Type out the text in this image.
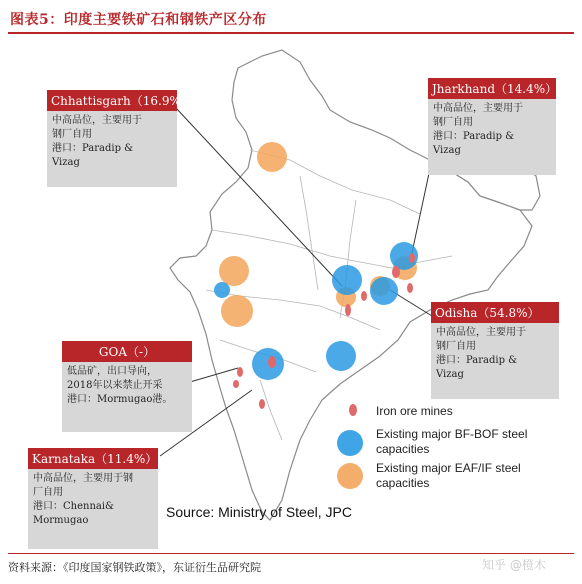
图表5：印度主要铁矿石和钢铁产区分布
Iron ore mines
Existing major BF-BOF steel capacities
Existing major EAF/IF steel capacities
Source: Ministry of Steel, JPC
Chhattisgarh（16.9%）
中高品位，主要用于
钢厂自用
港口：Paradip &
Vizag
Jharkhand（14.4%）
中高品位，主要用于
钢厂自用
港口：Paradip &
Vizag
Odisha（54.8%）
中高品位，主要用于
钢厂自用
港口：Paradip &
Vizag
GOA（-）
低品矿，出口导向，
2018年以来禁止开采
港口：Mormugao港。
Karnataka（11.4%）
中高品位，主要用于钢
厂自用
港口：Chennai&
Mormugao
资料来源：《印度国家钢铁政策》，东证衍生品研究院	知乎 @橙木
